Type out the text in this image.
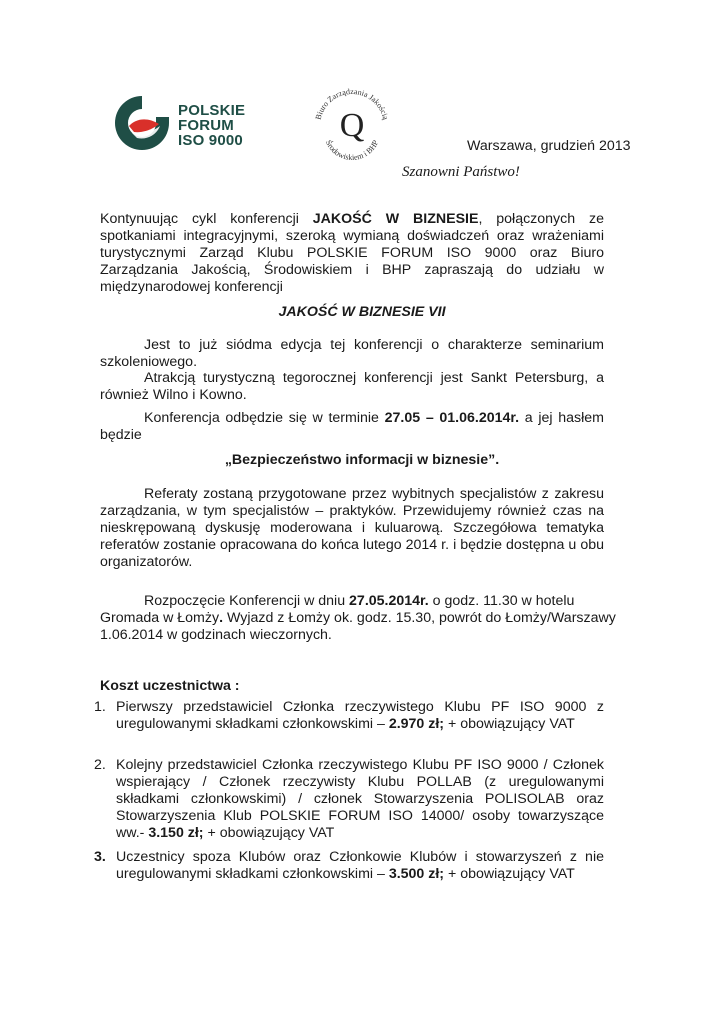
POLSKIE
FORUM
ISO 9000
Biuro Zarządzania Jakością
Środowiskiem i BHP
Q
Warszawa, grudzień 2013
Szanowni Państwo!
Kontynuując cykl konferencji JAKOŚĆ W BIZNESIE, połączonych ze spotkaniami integracyjnymi, szeroką wymianą doświadczeń oraz wrażeniami turystycznymi Zarząd Klubu POLSKIE FORUM ISO 9000 oraz Biuro Zarządzania Jakością, Środowiskiem i BHP zapraszają do udziału w międzynarodowej konferencji
JAKOŚĆ W BIZNESIE VII
Jest to już siódma edycja tej konferencji o charakterze seminarium szkoleniowego.
Atrakcją turystyczną tegorocznej konferencji jest Sankt Petersburg, a również Wilno i Kowno.
Konferencja odbędzie się w terminie 27.05 – 01.06.2014r. a jej hasłem będzie
„Bezpieczeństwo informacji w biznesie”.
Referaty zostaną przygotowane przez wybitnych specjalistów z zakresu zarządzania, w tym specjalistów – praktyków. Przewidujemy również czas na nieskrępowaną dyskusję moderowana i kuluarową. Szczegółowa tematyka referatów zostanie opracowana do końca lutego 2014 r. i będzie dostępna u obu organizatorów.
Rozpoczęcie Konferencji w dniu 27.05.2014r. o godz. 11.30 w hotelu
Gromada w Łomży. Wyjazd z Łomży ok. godz. 15.30, powrót do Łomży/Warszawy
1.06.2014 w godzinach wieczornych.
Koszt uczestnictwa :
1. Pierwszy przedstawiciel Członka rzeczywistego Klubu PF ISO 9000 z uregulowanymi składkami członkowskimi – 2.970 zł; + obowiązujący VAT
2. Kolejny przedstawiciel Członka rzeczywistego Klubu PF ISO 9000 / Członek wspierający / Członek rzeczywisty Klubu POLLAB (z uregulowanymi składkami członkowskimi) / członek Stowarzyszenia POLISOLAB oraz Stowarzyszenia Klub POLSKIE FORUM ISO 14000/ osoby towarzyszące ww.- 3.150 zł; + obowiązujący VAT
3. Uczestnicy spoza Klubów oraz Członkowie Klubów i stowarzyszeń z nie uregulowanymi składkami członkowskimi – 3.500 zł; + obowiązujący VAT
